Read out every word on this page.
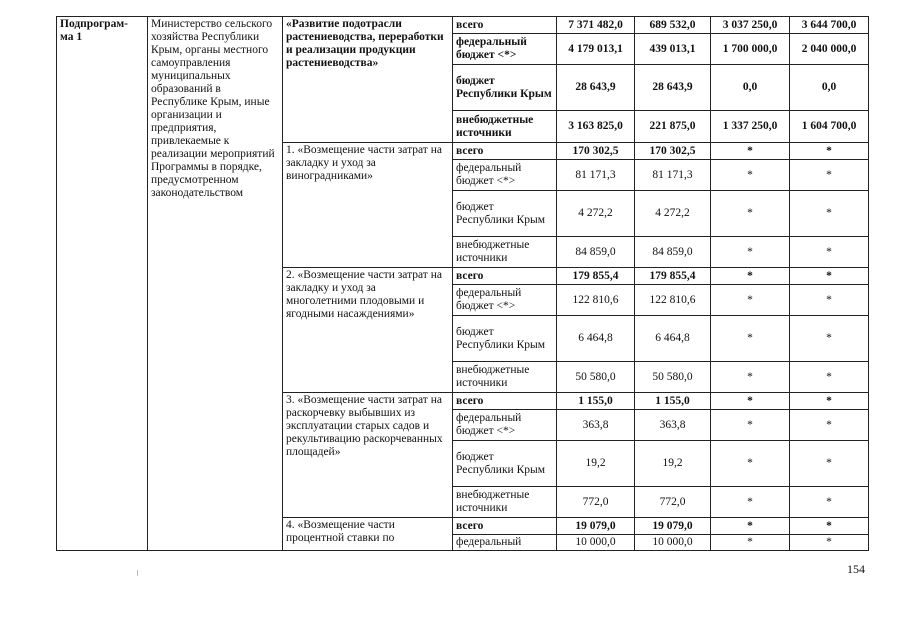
Подпрограм-
ма 1	Министерство сельского хозяйства Республики Крым, органы местного самоуправления муниципальных образований в Республике Крым, иные организации и предприятия, привлекаемые к реализации мероприятий Программы в порядке, предусмотренном законодательством	«Развитие подотрасли растениеводства, переработки и реализации продукции растениеводства»	всего	7 371 482,0	689 532,0	3 037 250,0	3 644 700,0
			федеральный бюджет <*>	4 179 013,1	439 013,1	1 700 000,0	2 040 000,0
			бюджет Республики Крым	28 643,9	28 643,9	0,0	0,0
			внебюджетные источники	3 163 825,0	221 875,0	1 337 250,0	1 604 700,0
		1. «Возмещение части затрат на закладку и уход за виноградниками»	всего	170 302,5	170 302,5	*	*
			федеральный бюджет <*>	81 171,3	81 171,3	*	*
			бюджет Республики Крым	4 272,2	4 272,2	*	*
			внебюджетные источники	84 859,0	84 859,0	*	*
		2. «Возмещение части затрат на закладку и уход за многолетними плодовыми и ягодными насаждениями»	всего	179 855,4	179 855,4	*	*
			федеральный бюджет <*>	122 810,6	122 810,6	*	*
			бюджет Республики Крым	6 464,8	6 464,8	*	*
			внебюджетные источники	50 580,0	50 580,0	*	*
		3. «Возмещение части затрат на раскорчевку выбывших из эксплуатации старых садов и рекультивацию раскорчеванных площадей»	всего	1 155,0	1 155,0	*	*
			федеральный бюджет <*>	363,8	363,8	*	*
			бюджет Республики Крым	19,2	19,2	*	*
			внебюджетные источники	772,0	772,0	*	*
		4. «Возмещение части процентной ставки по	всего	19 079,0	19 079,0	*	*
			федеральный	10 000,0	10 000,0	*	*
154
